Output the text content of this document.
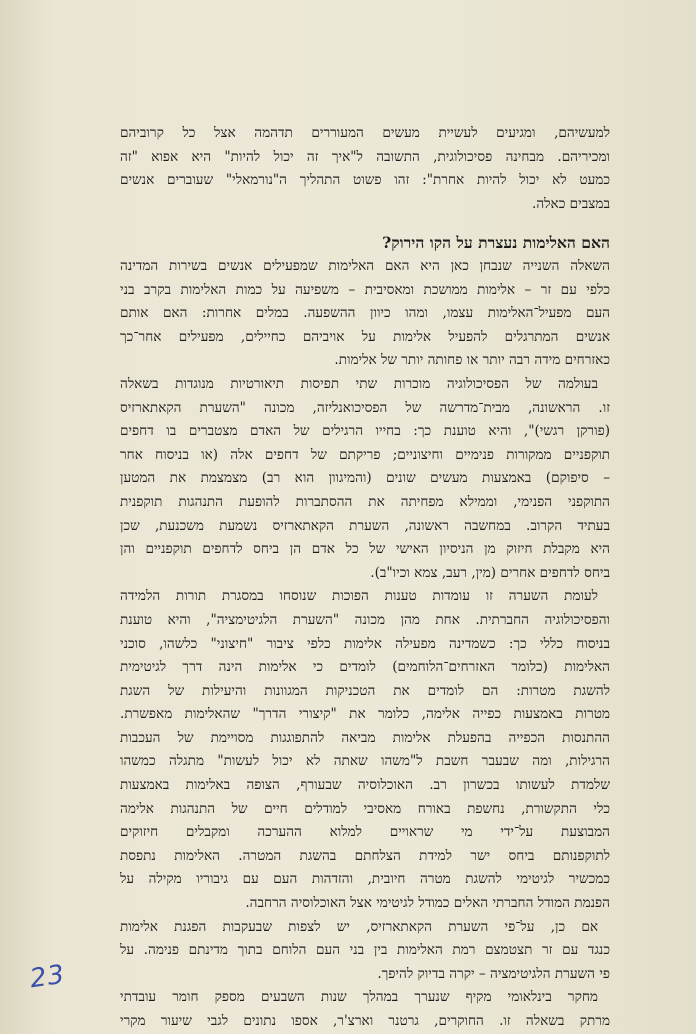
למעשיהם, ומגיעים לעשיית מעשים המעוררים תדהמה אצל כל קרוביהם
ומכיריהם. מבחינה פסיכולוגית, התשובה ל"איך זה יכול להיות" היא אפוא "זה
כמעט לא יכול להיות אחרת": זהו פשוט התהליך ה"נורמאלי" שעוברים אנשים
במצבים כאלה.
האם האלימות נעצרת על הקו הירוק?
השאלה השנייה שנבחן כאן היא האם האלימות שמפעילים אנשים בשירות המדינה
כלפי עם זר – אלימות ממושכת ומאסיבית – משפיעה על כמות האלימות בקרב בני
העם מפעיל־האלימות עצמו, ומהו כיוון ההשפעה. במלים אחרות: האם אותם
אנשים המתרגלים להפעיל אלימות על אויביהם כחיילים, מפעילים אחר־כך
כאזרחים מידה רבה יותר או פחותה יותר של אלימות.
בעולמה של הפסיכולוגיה מוכרות שתי תפיסות תיאורטיות מנוגדות בשאלה
זו. הראשונה, מבית־מדרשה של הפסיכואנליזה, מכונה "השערת הקאתארזיס
(פורקן רגשי)", והיא טוענת כך: בחייו הרגילים של האדם מצטברים בו דחפים
תוקפניים ממקורות פנימיים וחיצוניים; פריקתם של דחפים אלה (או בניסוח אחר
– סיפוקם) באמצעות מעשים שונים (והמיגוון הוא רב) מצמצמת את המטען
התוקפני הפנימי, וממילא מפחיתה את ההסתברות להופעת התנהגות תוקפנית
בעתיד הקרוב. במחשבה ראשונה, השערת הקאתארזיס נשמעת משכנעת, שכן
היא מקבלת חיזוק מן הניסיון האישי של כל אדם הן ביחס לדחפים תוקפניים והן
ביחס לדחפים אחרים (מין, רעב, צמא וכיו"ב).
לעומת השערה זו עומדות טענות הפוכות שנוסחו במסגרת תורות הלמידה
והפסיכולוגיה החברתית. אחת מהן מכונה "השערת הלגיטימציה", והיא טוענת
בניסוח כללי כך: כשמדינה מפעילה אלימות כלפי ציבור "חיצוני" כלשהו, סוכני
האלימות (כלומר האזרחים־הלוחמים) לומדים כי אלימות הינה דרך לגיטימית
להשגת מטרות: הם לומדים את הטכניקות המגוונות והיעילות של השגת
מטרות באמצעות כפייה אלימה, כלומר את "קיצורי הדרך" שהאלימות מאפשרת.
ההתנסות הכפייה בהפעלת אלימות מביאה להתפוגגות מסויימת של העכבות
הרגילות, ומה שבעבר חשבת ל"משהו שאתה לא יכול לעשות" מתגלה כמשהו
שלמדת לעשותו בכשרון רב. האוכלוסיה שבעורף, הצופה באלימות באמצעות
כלי התקשורת, נחשפת באורח מאסיבי למודלים חיים של התנהגות אלימה
המבוצעת על־ידי מי שראויים למלוא ההערכה ומקבלים חיזוקים
לתוקפנותם ביחס ישר למידת הצלחתם בהשגת המטרה. האלימות נתפסת
כמכשיר לגיטימי להשגת מטרה חיובית, והזדהות העם עם גיבוריו מקילה על
הפנמת המודל החברתי האלים כמודל לגיטימי אצל האוכלוסיה הרחבה.
אם כן, על־פי השערת הקאתארזיס, יש לצפות שבעקבות הפגנת אלימות
כנגד עם זר תצטמצם רמת האלימות בין בני העם הלוחם בתוך מדינתם פנימה. על
פי השערת הלגיטימציה – יקרה בדיוק להיפך.
מחקר בינלאומי מקיף שנערך במהלך שנות השבעים מספק חומר עובדתי
מרתק בשאלה זו. החוקרים, גרטנר וארצ'ר, אספו נתונים לגבי שיעור מקרי
23
